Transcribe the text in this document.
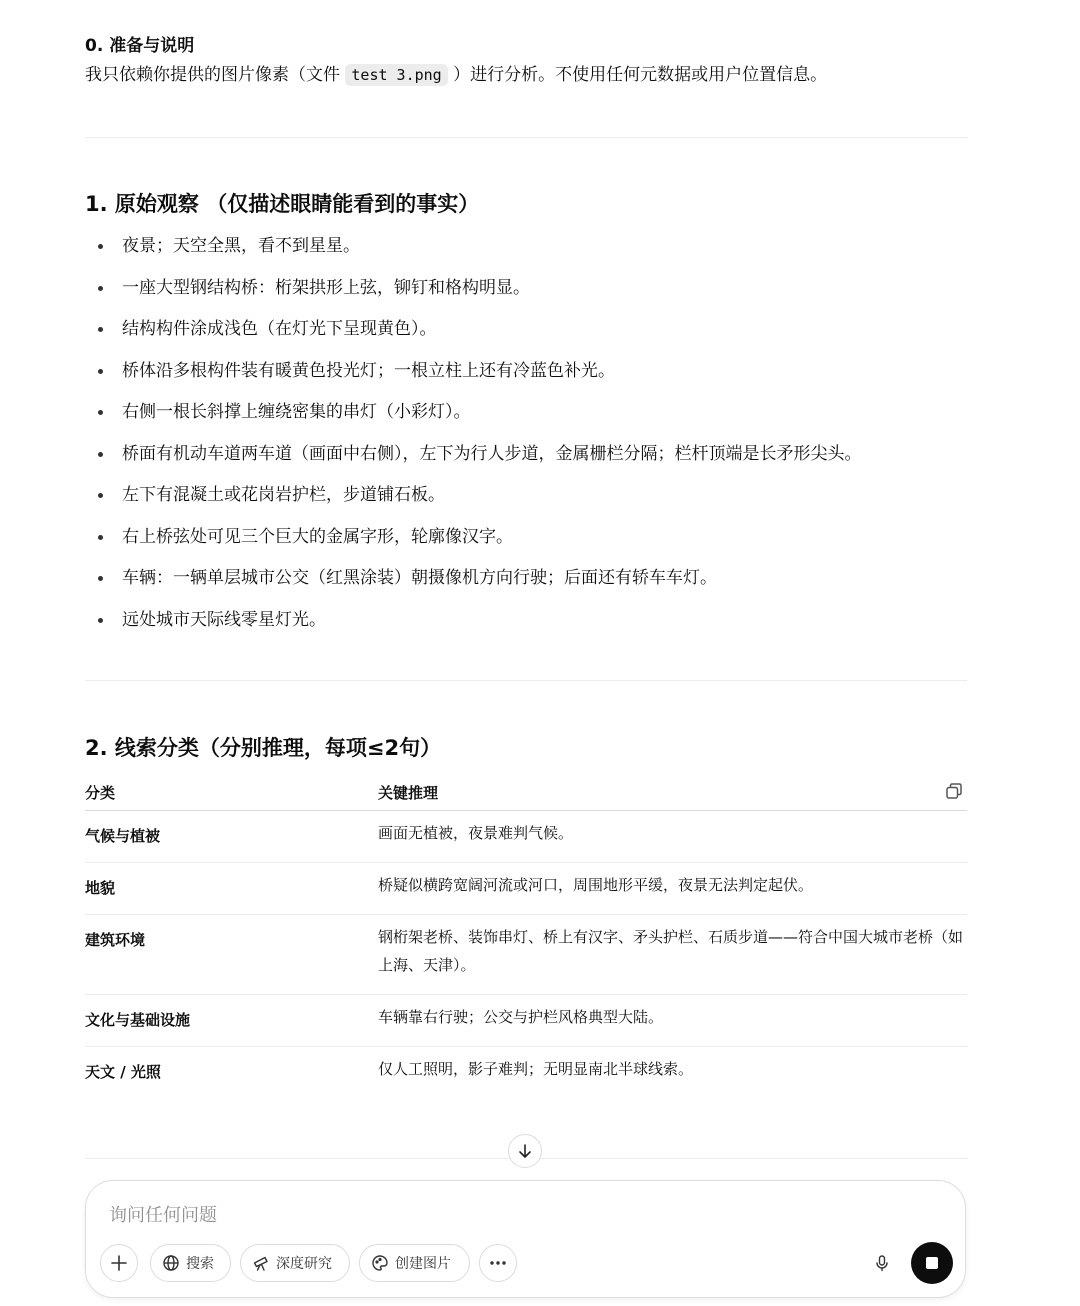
0. 准备与说明
我只依赖你提供的图片像素（文件 test 3.png ）进行分析。不使用任何元数据或用户位置信息。
1. 原始观察 （仅描述眼睛能看到的事实）
夜景；天空全黑，看不到星星。
一座大型钢结构桥：桁架拱形上弦，铆钉和格构明显。
结构构件涂成浅色（在灯光下呈现黄色）。
桥体沿多根构件装有暖黄色投光灯；一根立柱上还有冷蓝色补光。
右侧一根长斜撑上缠绕密集的串灯（小彩灯）。
桥面有机动车道两车道（画面中右侧），左下为行人步道，金属栅栏分隔；栏杆顶端是长矛形尖头。
左下有混凝土或花岗岩护栏，步道铺石板。
右上桥弦处可见三个巨大的金属字形，轮廓像汉字。
车辆：一辆单层城市公交（红黑涂装）朝摄像机方向行驶；后面还有轿车车灯。
远处城市天际线零星灯光。
2. 线索分类（分别推理，每项≤2句）
分类	关键推理
气候与植被	画面无植被，夜景难判气候。
地貌	桥疑似横跨宽阔河流或河口，周围地形平缓，夜景无法判定起伏。
建筑环境	钢桁架老桥、装饰串灯、桥上有汉字、矛头护栏、石质步道——符合中国大城市老桥（如上海、天津）。
文化与基础设施	车辆靠右行驶；公交与护栏风格典型大陆。
天文 / 光照	仅人工照明，影子难判；无明显南北半球线索。
询问任何问题
搜索	深度研究	创建图片
